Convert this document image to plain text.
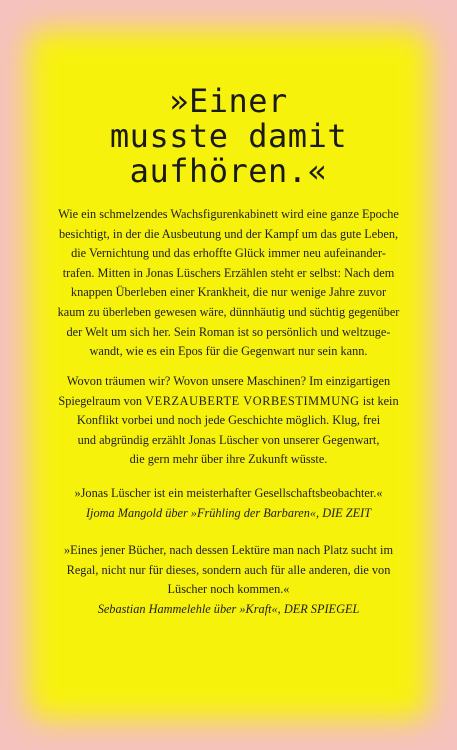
»Einer
musste damit
aufhören.«
Wie ein schmelzendes Wachsfigurenkabinett wird eine ganze Epoche
besichtigt, in der die Ausbeutung und der Kampf um das gute Leben,
die Vernichtung und das erhoffte Glück immer neu aufeinander-
trafen. Mitten in Jonas Lüschers Erzählen steht er selbst: Nach dem
knappen Überleben einer Krankheit, die nur wenige Jahre zuvor
kaum zu überleben gewesen wäre, dünnhäutig und süchtig gegenüber
der Welt um sich her. Sein Roman ist so persönlich und weltzuge-
wandt, wie es ein Epos für die Gegenwart nur sein kann.
Wovon träumen wir? Wovon unsere Maschinen? Im einzigartigen
Spiegelraum von VERZAUBERTE VORBESTIMMUNG ist kein
Konflikt vorbei und noch jede Geschichte möglich. Klug, frei
und abgründig erzählt Jonas Lüscher von unserer Gegenwart,
die gern mehr über ihre Zukunft wüsste.
»Jonas Lüscher ist ein meisterhafter Gesellschaftsbeobachter.«
Ijoma Mangold über »Frühling der Barbaren«, DIE ZEIT
»Eines jener Bücher, nach dessen Lektüre man nach Platz sucht im
Regal, nicht nur für dieses, sondern auch für alle anderen, die von
Lüscher noch kommen.«
Sebastian Hammelehle über »Kraft«, DER SPIEGEL
